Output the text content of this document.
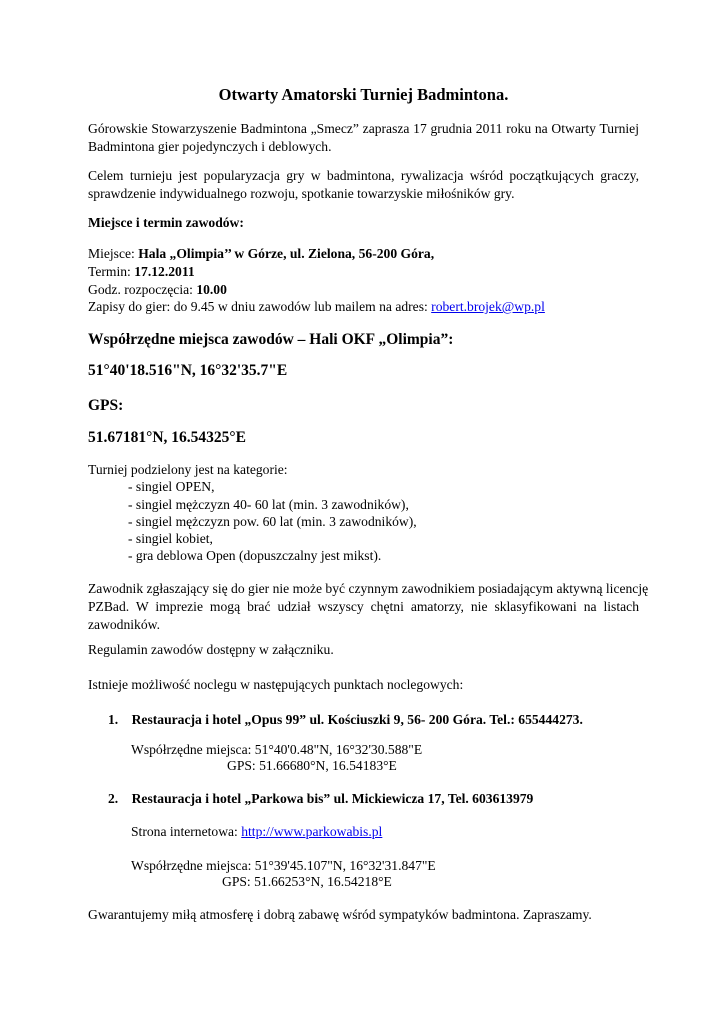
Otwarty Amatorski Turniej Badmintona.
Górowskie Stowarzyszenie Badmintona „Smecz” zaprasza 17 grudnia 2011 roku na Otwarty Turniej
Badmintona gier pojedynczych i deblowych.
Celem turnieju jest popularyzacja gry w badmintona, rywalizacja wśród początkujących graczy,
sprawdzenie indywidualnego rozwoju, spotkanie towarzyskie miłośników gry.
Miejsce i termin zawodów:
Miejsce: Hala „Olimpia’’ w Górze, ul. Zielona, 56-200 Góra,
Termin: 17.12.2011
Godz. rozpoczęcia: 10.00
Zapisy do gier: do 9.45 w dniu zawodów lub mailem na adres: robert.brojek@wp.pl
Współrzędne miejsca zawodów – Hali OKF „Olimpia”:
51°40'18.516"N, 16°32'35.7"E
GPS:
51.67181°N, 16.54325°E
Turniej podzielony jest na kategorie:
- singiel OPEN,
- singiel mężczyzn 40- 60 lat (min. 3 zawodników),
- singiel mężczyzn pow. 60 lat (min. 3 zawodników),
- singiel kobiet,
- gra deblowa Open (dopuszczalny jest mikst).
Zawodnik zgłaszający się do gier nie może być czynnym zawodnikiem posiadającym aktywną licencję
PZBad. W imprezie mogą brać udział wszyscy chętni amatorzy, nie sklasyfikowani na listach
zawodników.
Regulamin zawodów dostępny w załączniku.
Istnieje możliwość noclegu w następujących punktach noclegowych:
1. Restauracja i hotel „Opus 99” ul. Kościuszki 9, 56- 200 Góra. Tel.: 655444273.
Współrzędne miejsca: 51°40'0.48"N, 16°32'30.588"E
GPS: 51.66680°N, 16.54183°E
2. Restauracja i hotel „Parkowa bis” ul. Mickiewicza 17, Tel. 603613979
Strona internetowa: http://www.parkowabis.pl
Współrzędne miejsca: 51°39'45.107"N, 16°32'31.847"E
GPS: 51.66253°N, 16.54218°E
Gwarantujemy miłą atmosferę i dobrą zabawę wśród sympatyków badmintona. Zapraszamy.
